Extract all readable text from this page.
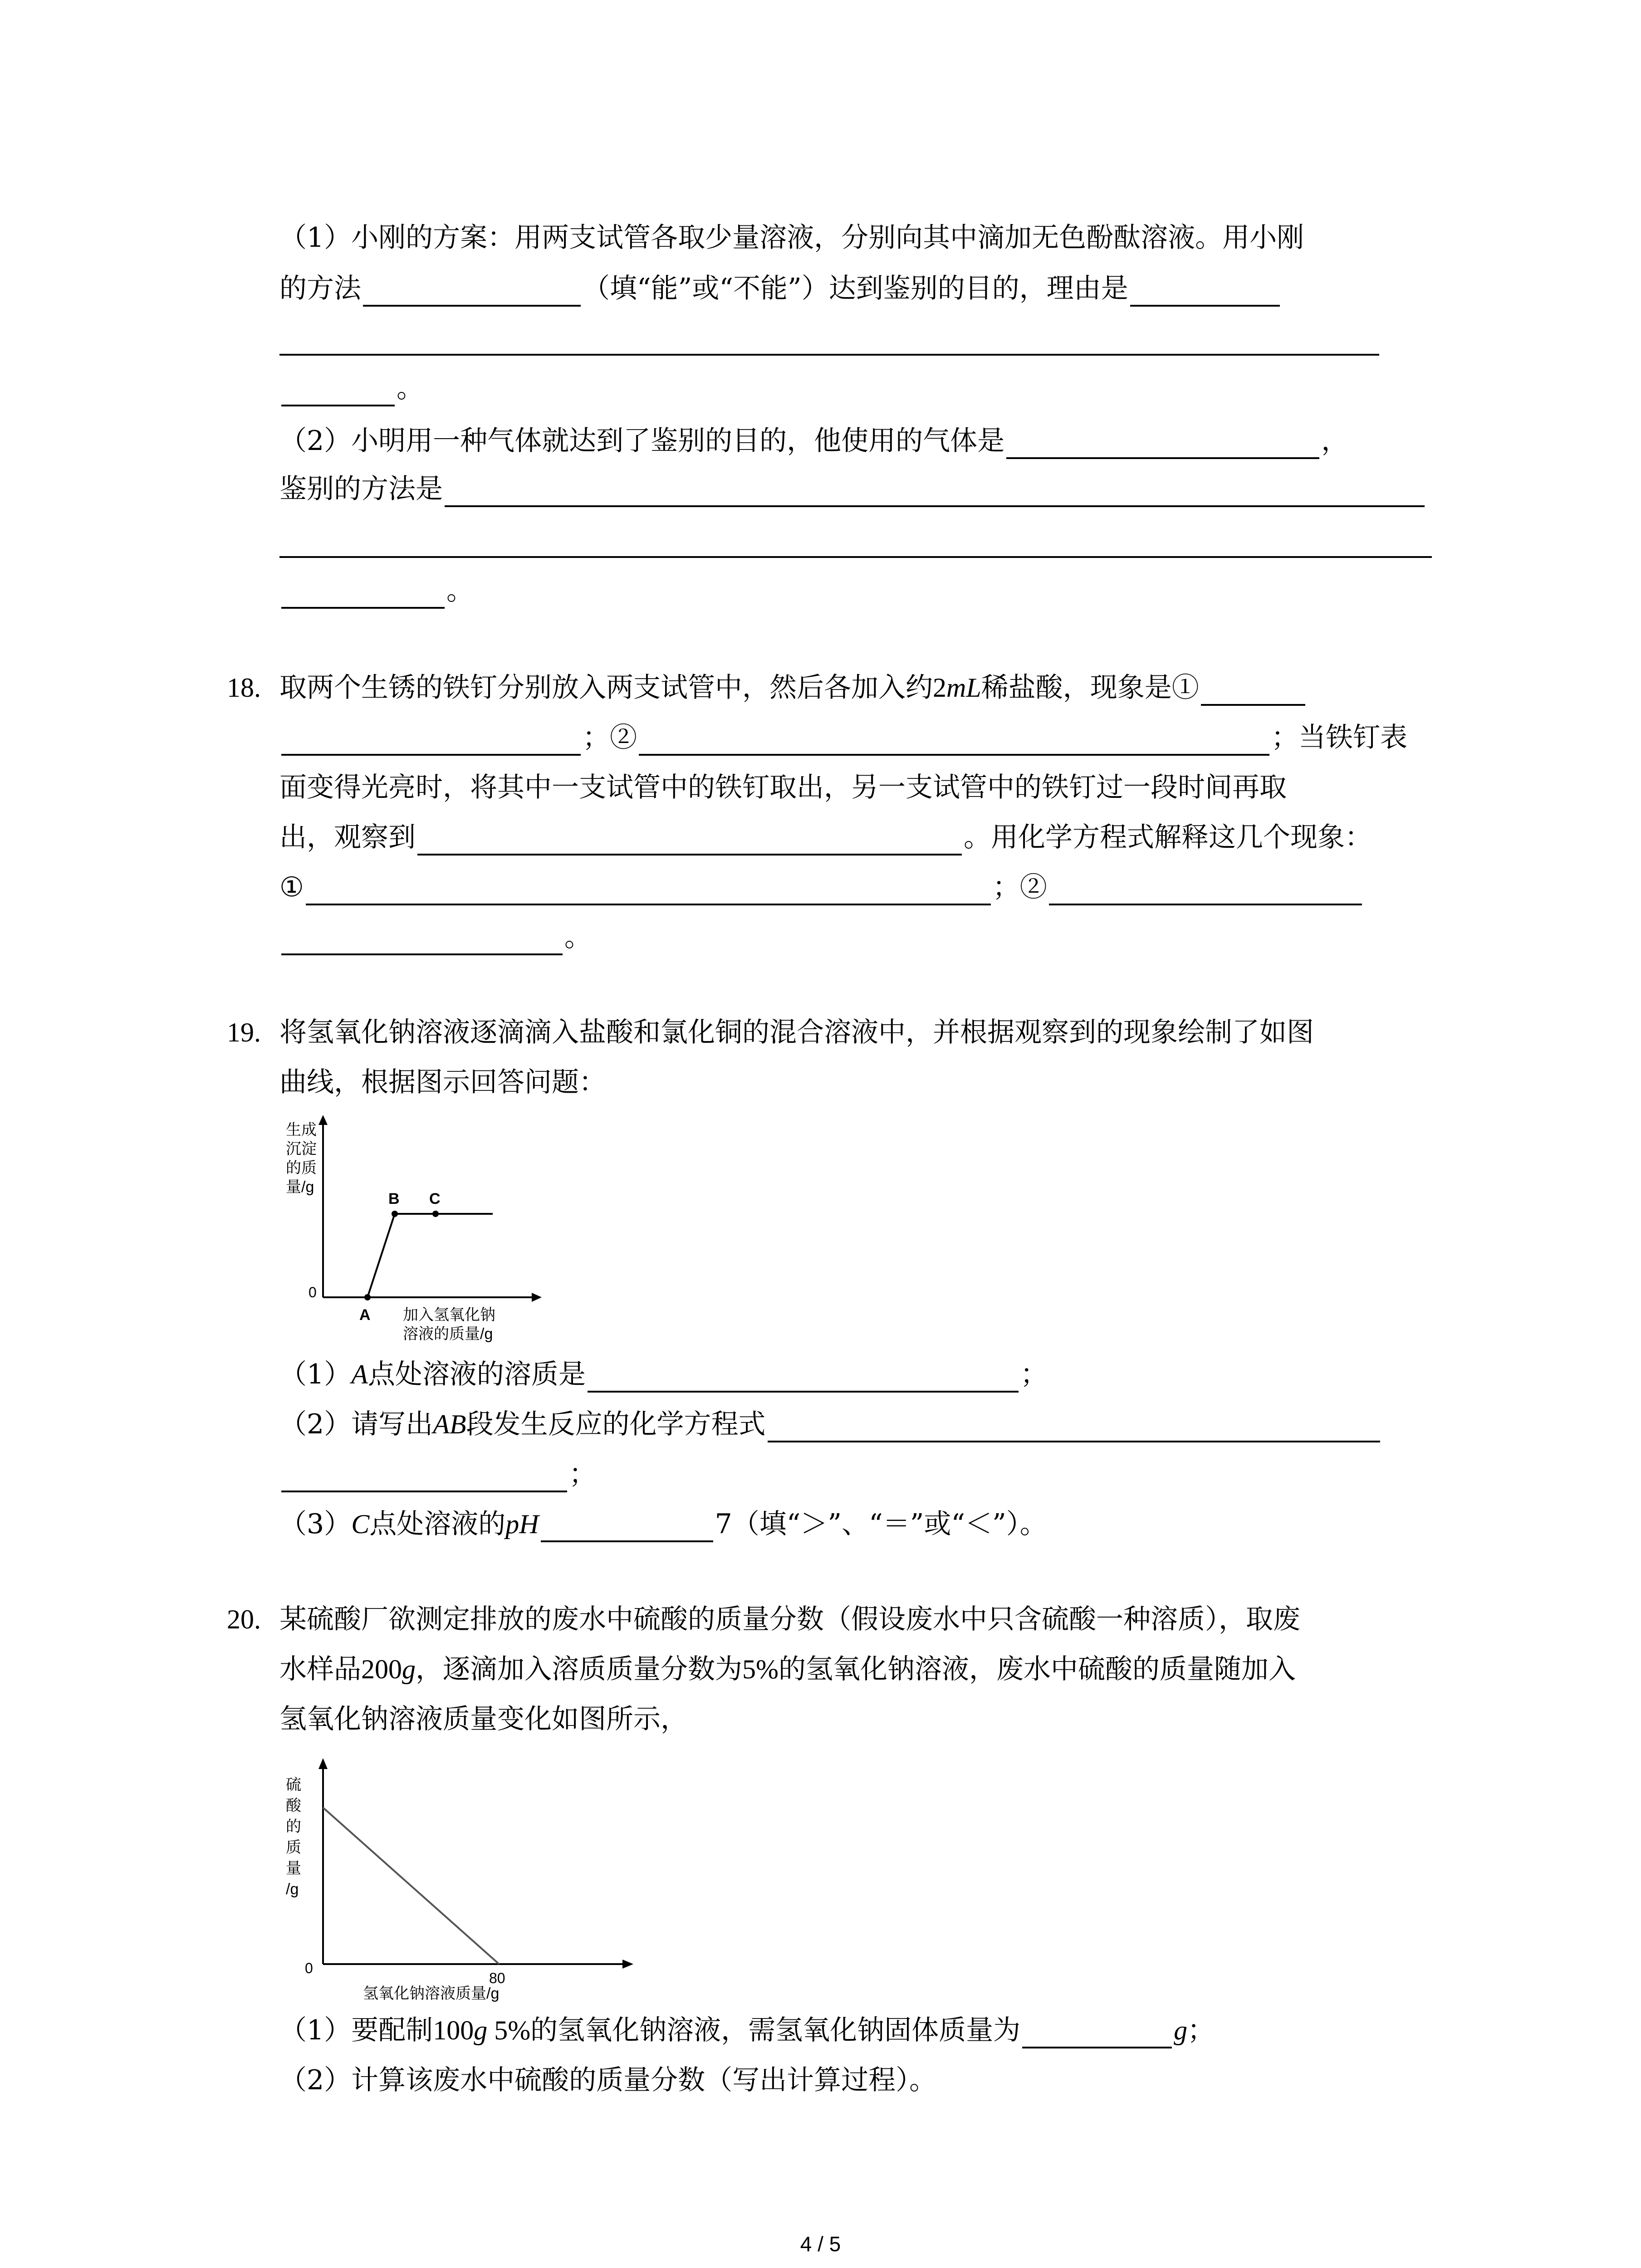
（1）小刚的方案：用两支试管各取少量溶液，分别向其中滴加无色酚酞溶液。用小刚
的方法	（填“能”或“不能”）达到鉴别的目的，理由是
。
（2）小明用一种气体就达到了鉴别的目的，他使用的气体是	，
鉴别的方法是
。
18. 取两个生锈的铁钉分别放入两支试管中，然后各加入约2mL稀盐酸，现象是①
；②	；当铁钉表
面变得光亮时，将其中一支试管中的铁钉取出，另一支试管中的铁钉过一段时间再取
出，观察到	。用化学方程式解释这几个现象：
①	；②
。
19. 将氢氧化钠溶液逐滴滴入盐酸和氯化铜的混合溶液中，并根据观察到的现象绘制了如图
曲线，根据图示回答问题：
生成
沉淀
的质
量/g
0
A
B C
加入氢氧化钠
溶液的质量/g
（1）A点处溶液的溶质是	；
（2）请写出AB段发生反应的化学方程式
；
（3）C点处溶液的pH	7（填“＞”、“＝”或“＜”）。
20. 某硫酸厂欲测定排放的废水中硫酸的质量分数（假设废水中只含硫酸一种溶质），取废
水样品200g，逐滴加入溶质质量分数为5%的氢氧化钠溶液，废水中硫酸的质量随加入
氢氧化钠溶液质量变化如图所示，
硫
酸
的
质
量
/g
0
80
氢氧化钠溶液质量/g
（1）要配制100g 5%的氢氧化钠溶液，需氢氧化钠固体质量为	g；
（2）计算该废水中硫酸的质量分数（写出计算过程）。
4 / 5
